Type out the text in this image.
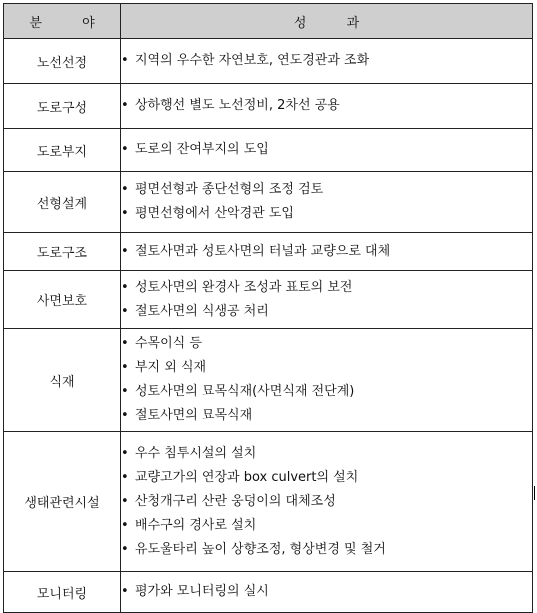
분 야	성 과
노선선정	• 지역의 우수한 자연보호, 연도경관과 조화

도로구성	• 상하행선 별도 노선정비, 2차선 공용

도로부지	• 도로의 잔여부지의 도입

선형설계	• 평면선형과 종단선형의 조정 검토
• 평면선형에서 산악경관 도입

도로구조	• 절토사면과 성토사면의 터널과 교량으로 대체

사면보호	• 성토사면의 완경사 조성과 표토의 보전
• 절토사면의 식생공 처리

식재	• 수목이식 등
• 부지 외 식재
• 성토사면의 묘목식재(사면식재 전단계)
• 절토사면의 묘목식재

생태관련시설	• 우수 침투시설의 설치
• 교량고가의 연장과 box culvert의 설치
• 산청개구리 산란 웅덩이의 대체조성
• 배수구의 경사로 설치
• 유도울타리 높이 상향조정, 형상변경 및 철거

모니터링	• 평가와 모니터링의 실시
